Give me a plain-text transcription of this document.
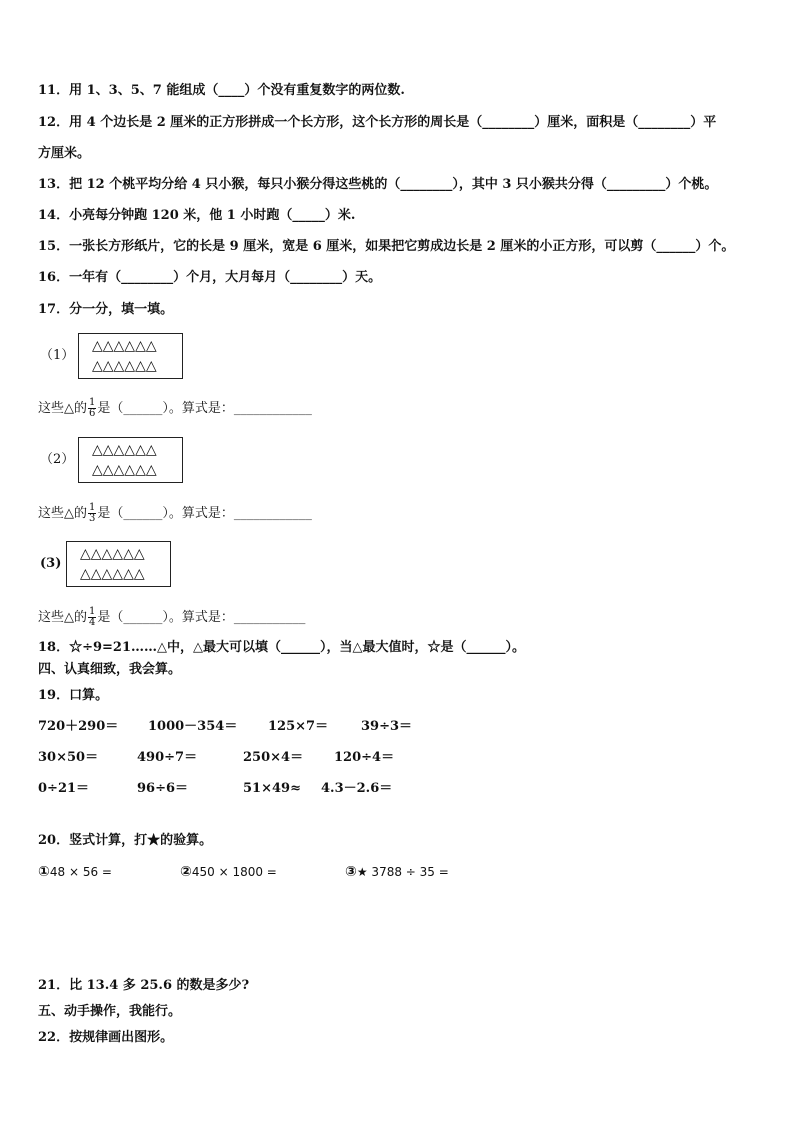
11．用 1、3、5、7 能组成（____）个没有重复数字的两位数.
12．用 4 个边长是 2 厘米的正方形拼成一个长方形，这个长方形的周长是（________）厘米，面积是（________）平
方厘米。
13．把 12 个桃平均分给 4 只小猴，每只小猴分得这些桃的（________），其中 3 只小猴共分得（_________）个桃。
14．小亮每分钟跑 120 米，他 1 小时跑（_____）米.
15．一张长方形纸片，它的长是 9 厘米，宽是 6 厘米，如果把它剪成边长是 2 厘米的小正方形，可以剪（______）个。
16．一年有（________）个月，大月每月（________）天。
17．分一分，填一填。
（1）
△△△△△△
△△△△△△
这些△的 $\frac{1}{6}$ 是（______）。算式是：____________
（2）
△△△△△△
△△△△△△
这些△的 $\frac{1}{3}$ 是（______）。算式是：____________
(3)
△△△△△△
△△△△△△
这些△的 $\frac{1}{4}$ 是（______）。算式是：___________
18．☆÷9=21……△中，△最大可以填（______），当△最大值时，☆是（______）。
四、认真细致，我会算。
19．口算。
720＋290＝ 1000－354＝ 125×7＝	39÷3＝
30×50＝	490÷7＝	250×4＝ 120÷4＝
0÷21＝	96÷6＝	51×49≈ 4.3－2.6＝
20．竖式计算，打★的验算。
①48 × 56 =	②450 × 1800 =	③★ 3788 ÷ 35 =
21．比 13.4 多 25.6 的数是多少?
五、动手操作，我能行。
22．按规律画出图形。
